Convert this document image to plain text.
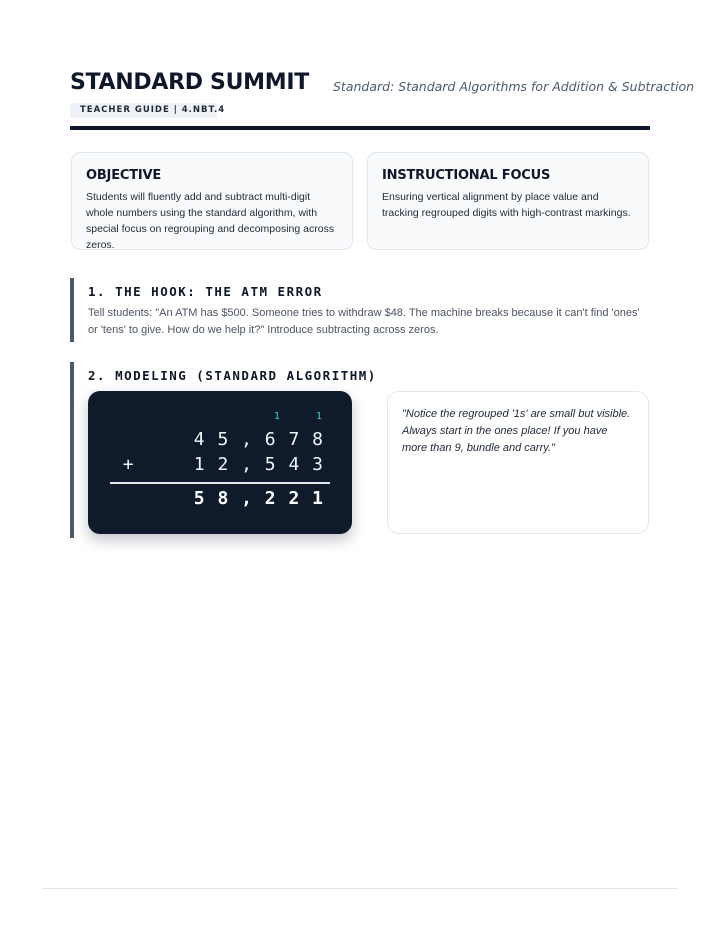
STANDARD SUMMIT Standard: Standard Algorithms for Addition & Subtraction
TEACHER GUIDE | 4.NBT.4
OBJECTIVE
Students will fluently add and subtract multi-digit whole numbers using the standard algorithm, with special focus on regrouping and decomposing across zeros.
INSTRUCTIONAL FOCUS
Ensuring vertical alignment by place value and tracking regrouped digits with high-contrast markings.
1. THE HOOK: THE ATM ERROR
Tell students: "An ATM has $500. Someone tries to withdraw $48. The machine breaks because it can't find 'ones' or 'tens' to give. How do we help it?" Introduce subtracting across zeros.
2. MODELING (STANDARD ALGORITHM)
1  1
4 5 , 6 7 8
+     1 2 , 5 4 3
5 8 , 2 2 1
"Notice the regrouped '1s' are small but visible. Always start in the ones place! If you have more than 9, bundle and carry."
